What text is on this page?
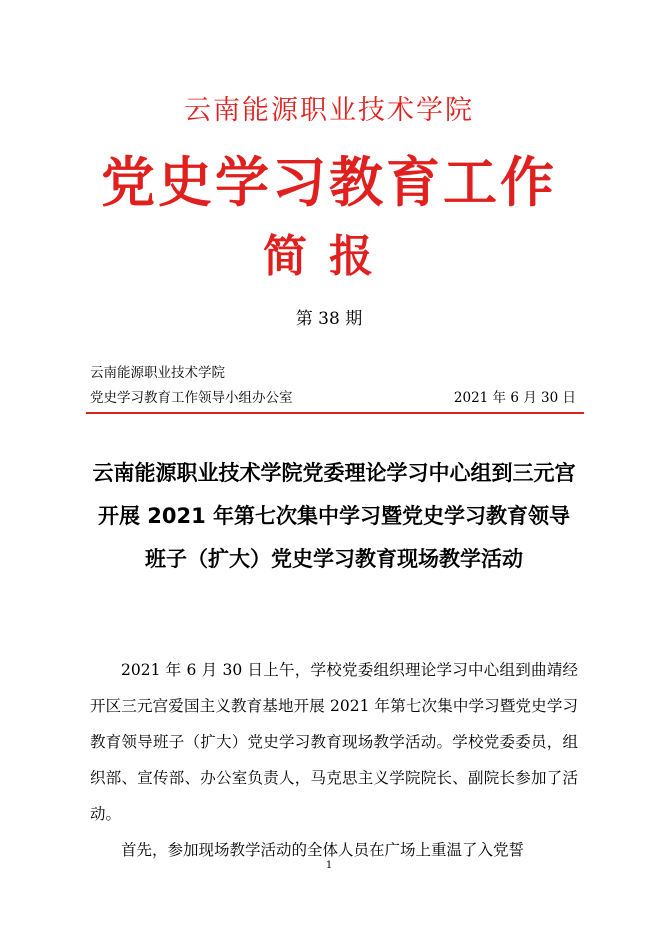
云南能源职业技术学院
党史学习教育工作
简报
第 38 期
云南能源职业技术学院
党史学习教育工作领导小组办公室	2021 年 6 月 30 日
云南能源职业技术学院党委理论学习中心组到三元宫开展 2021 年第七次集中学习暨党史学习教育领导班子（扩大）党史学习教育现场教学活动

2021 年 6 月 30 日上午，学校党委组织理论学习中心组到曲靖经开区三元宫爱国主义教育基地开展 2021 年第七次集中学习暨党史学习教育领导班子（扩大）党史学习教育现场教学活动。学校党委委员，组织部、宣传部、办公室负责人，马克思主义学院院长、副院长参加了活动。

首先，参加现场教学活动的全体人员在广场上重温了入党誓

1
